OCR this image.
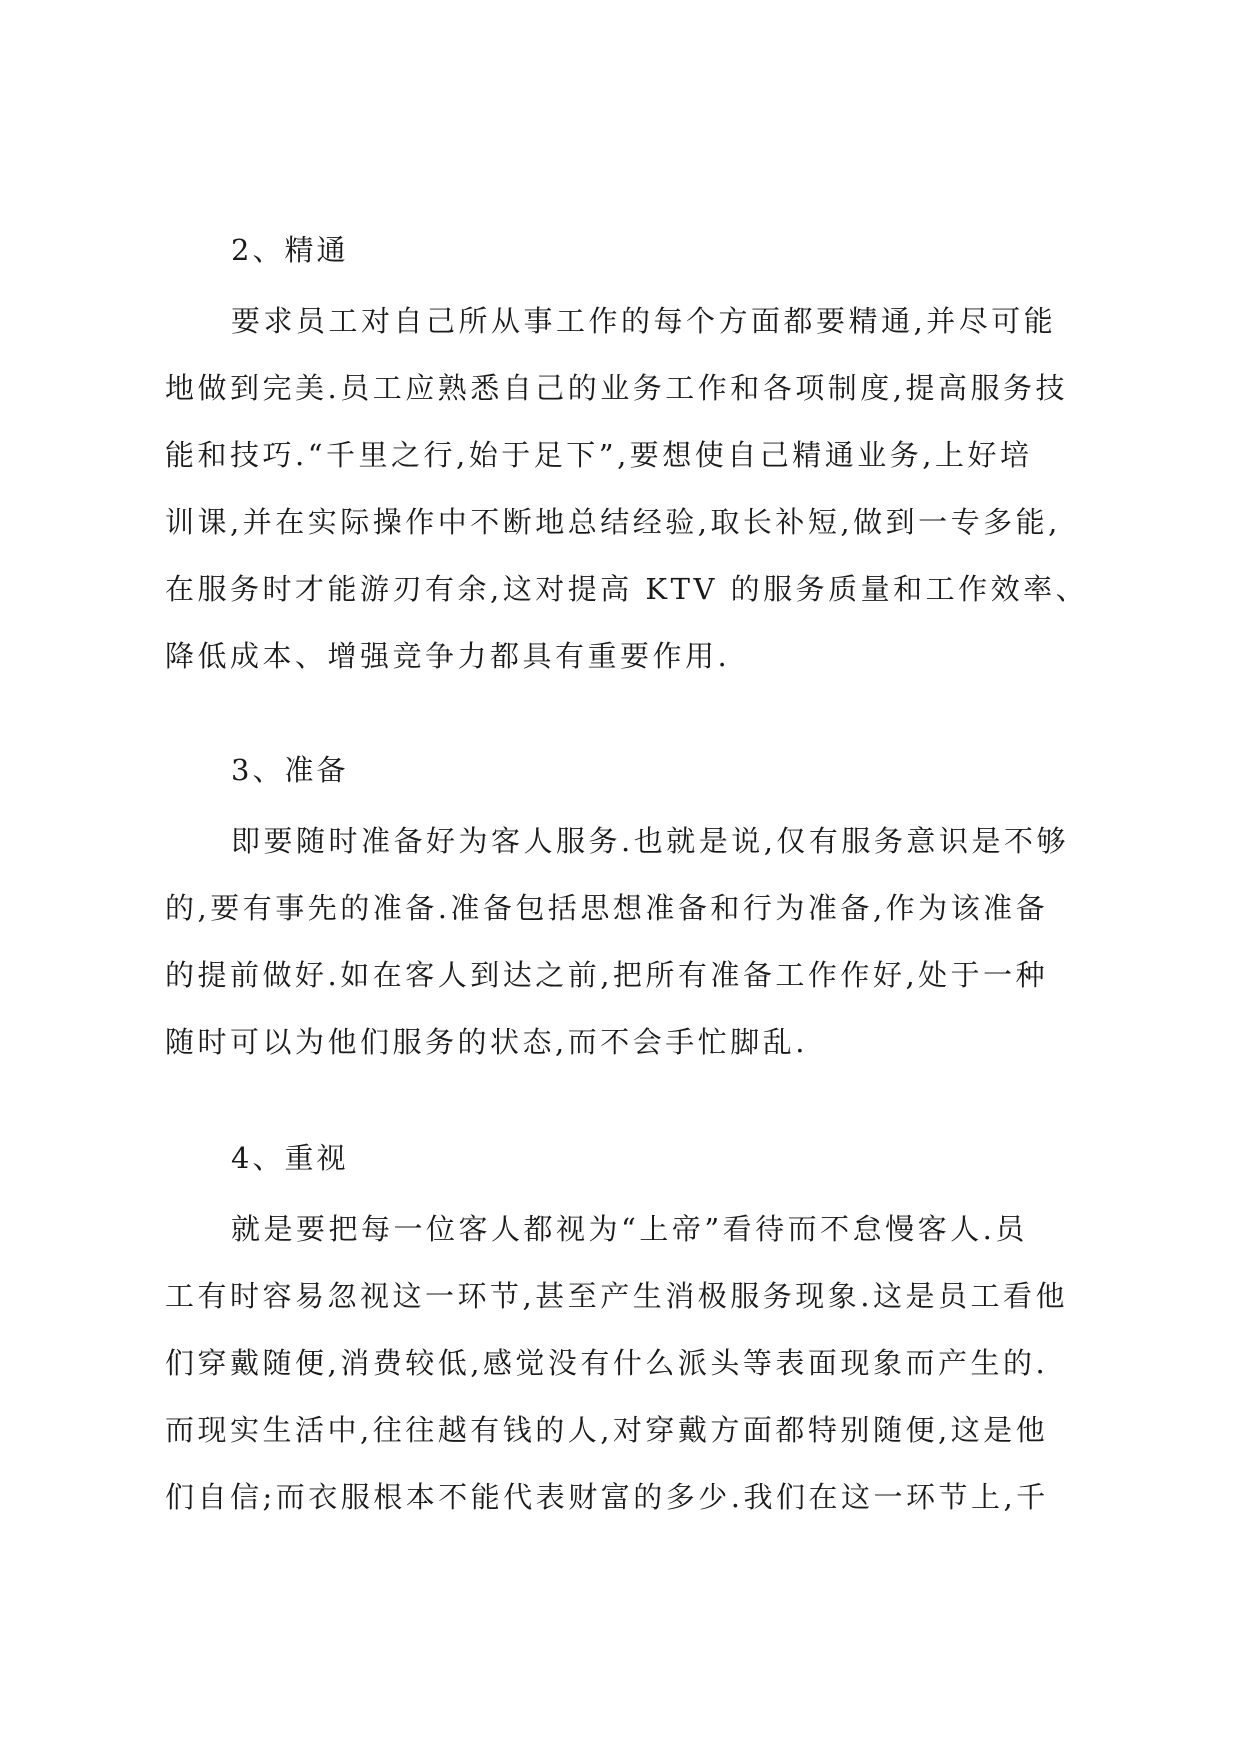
2、精通
要求员工对自己所从事工作的每个方面都要精通,并尽可能
地做到完美.员工应熟悉自己的业务工作和各项制度,提高服务技
能和技巧.“千里之行,始于足下”,要想使自己精通业务,上好培
训课,并在实际操作中不断地总结经验,取长补短,做到一专多能,
在服务时才能游刃有余,这对提高 KTV 的服务质量和工作效率、
降低成本、增强竞争力都具有重要作用.
3、准备
即要随时准备好为客人服务.也就是说,仅有服务意识是不够
的,要有事先的准备.准备包括思想准备和行为准备,作为该准备
的提前做好.如在客人到达之前,把所有准备工作作好,处于一种
随时可以为他们服务的状态,而不会手忙脚乱.
4、重视
就是要把每一位客人都视为“上帝”看待而不怠慢客人.员
工有时容易忽视这一环节,甚至产生消极服务现象.这是员工看他
们穿戴随便,消费较低,感觉没有什么派头等表面现象而产生的.
而现实生活中,往往越有钱的人,对穿戴方面都特别随便,这是他
们自信;而衣服根本不能代表财富的多少.我们在这一环节上,千
